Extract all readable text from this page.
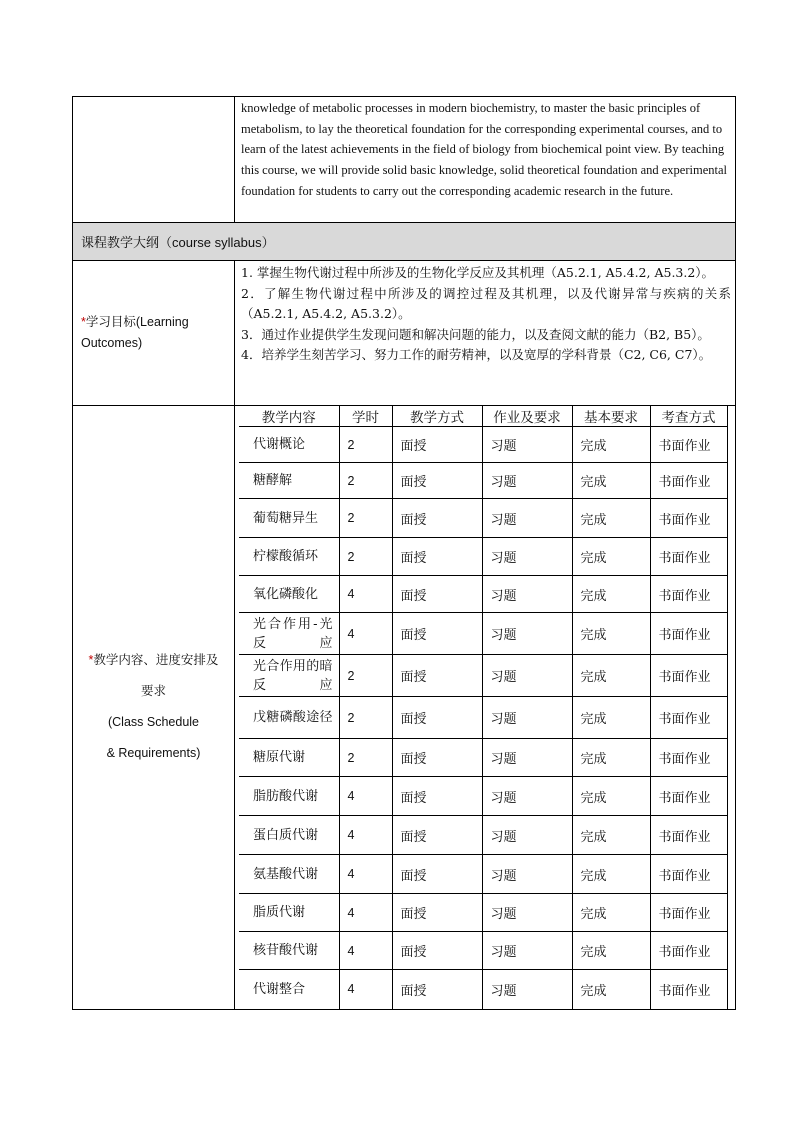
	knowledge of metabolic processes in modern biochemistry, to master the basic principles of metabolism, to lay the theoretical foundation for the corresponding experimental courses, and to learn of the latest achievements in the field of biology from biochemical point view. By teaching this course, we will provide solid basic knowledge, solid theoretical foundation and experimental foundation for students to carry out the corresponding academic research in the future.
课程教学大纲（course syllabus）
*学习目标(Learning
Outcomes)	

1. 掌握生物代谢过程中所涉及的生物化学反应及其机理（A5.2.1, A5.4.2, A5.3.2）。

2．了解生物代谢过程中所涉及的调控过程及其机理，以及代谢异常与疾病的关系（A5.2.1, A5.4.2, A5.3.2）。

3．通过作业提供学生发现问题和解决问题的能力，以及查阅文献的能力（B2, B5）。

4．培养学生刻苦学习、努力工作的耐劳精神，以及宽厚的学科背景（C2, C6, C7）。

*教学内容、进度安排及
要求
(Class Schedule
& Requirements)	
教学内容	学时	教学方式	作业及要求	基本要求	考查方式
代谢概论	2	面授	习题	完成	书面作业
糖酵解	2	面授	习题	完成	书面作业
葡萄糖异生	2	面授	习题	完成	书面作业
柠檬酸循环	2	面授	习题	完成	书面作业
氧化磷酸化	4	面授	习题	完成	书面作业
光合作用-光反应	4	面授	习题	完成	书面作业
光合作用的暗反应	2	面授	习题	完成	书面作业
戊糖磷酸途径	2	面授	习题	完成	书面作业
糖原代谢	2	面授	习题	完成	书面作业
脂肪酸代谢	4	面授	习题	完成	书面作业
蛋白质代谢	4	面授	习题	完成	书面作业
氨基酸代谢	4	面授	习题	完成	书面作业
脂质代谢	4	面授	习题	完成	书面作业
核苷酸代谢	4	面授	习题	完成	书面作业
代谢整合	4	面授	习题	完成	书面作业
